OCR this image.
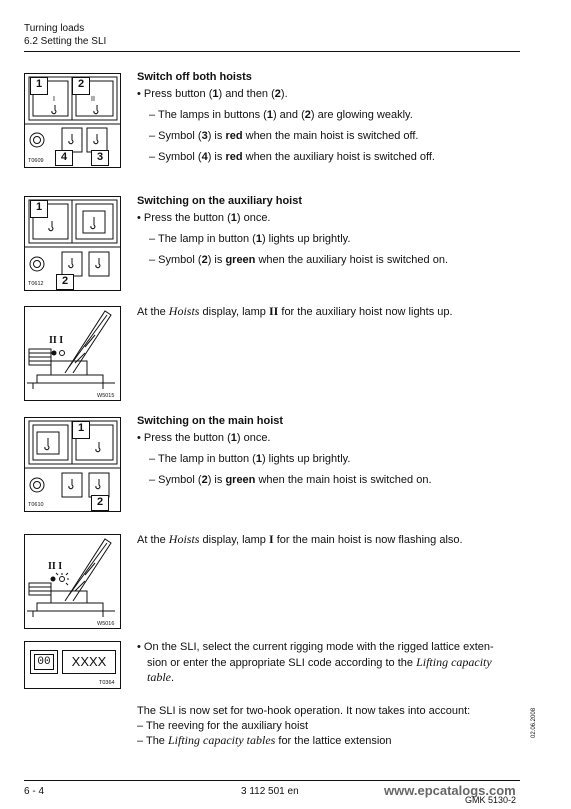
Turning loads
6.2 Setting the SLI
I	II
1	2
4	3
T0609
Switch off both hoists
• Press button (1) and then (2).
– The lamps in buttons (1) and (2) are glowing weakly.
– Symbol (3) is red when the main hoist is switched off.
– Symbol (4) is red when the auxiliary hoist is switched off.
1
2
T0612
Switching on the auxiliary hoist
• Press the button (1) once.
– The lamp in button (1) lights up brightly.
– Symbol (2) is green when the auxiliary hoist is switched on.
II I
W5015
At the Hoists display, lamp II for the auxiliary hoist now lights up.
1
2
T0610
Switching on the main hoist
• Press the button (1) once.
– The lamp in button (1) lights up brightly.
– Symbol (2) is green when the main hoist is switched on.
II I
W5016
At the Hoists display, lamp I for the main hoist is now flashing also.
00	XXXX
T0364
• On the SLI, select the current rigging mode with the rigged lattice exten-
sion or enter the appropriate SLI code according to the Lifting capacity
table.
The SLI is now set for two-hook operation. It now takes into account:
– The reeving for the auxiliary hoist
– The Lifting capacity tables for the lattice extension
02.06.2008
6 - 4	3 112 501 en	www.epcatalogs.com
GMK 5130-2
